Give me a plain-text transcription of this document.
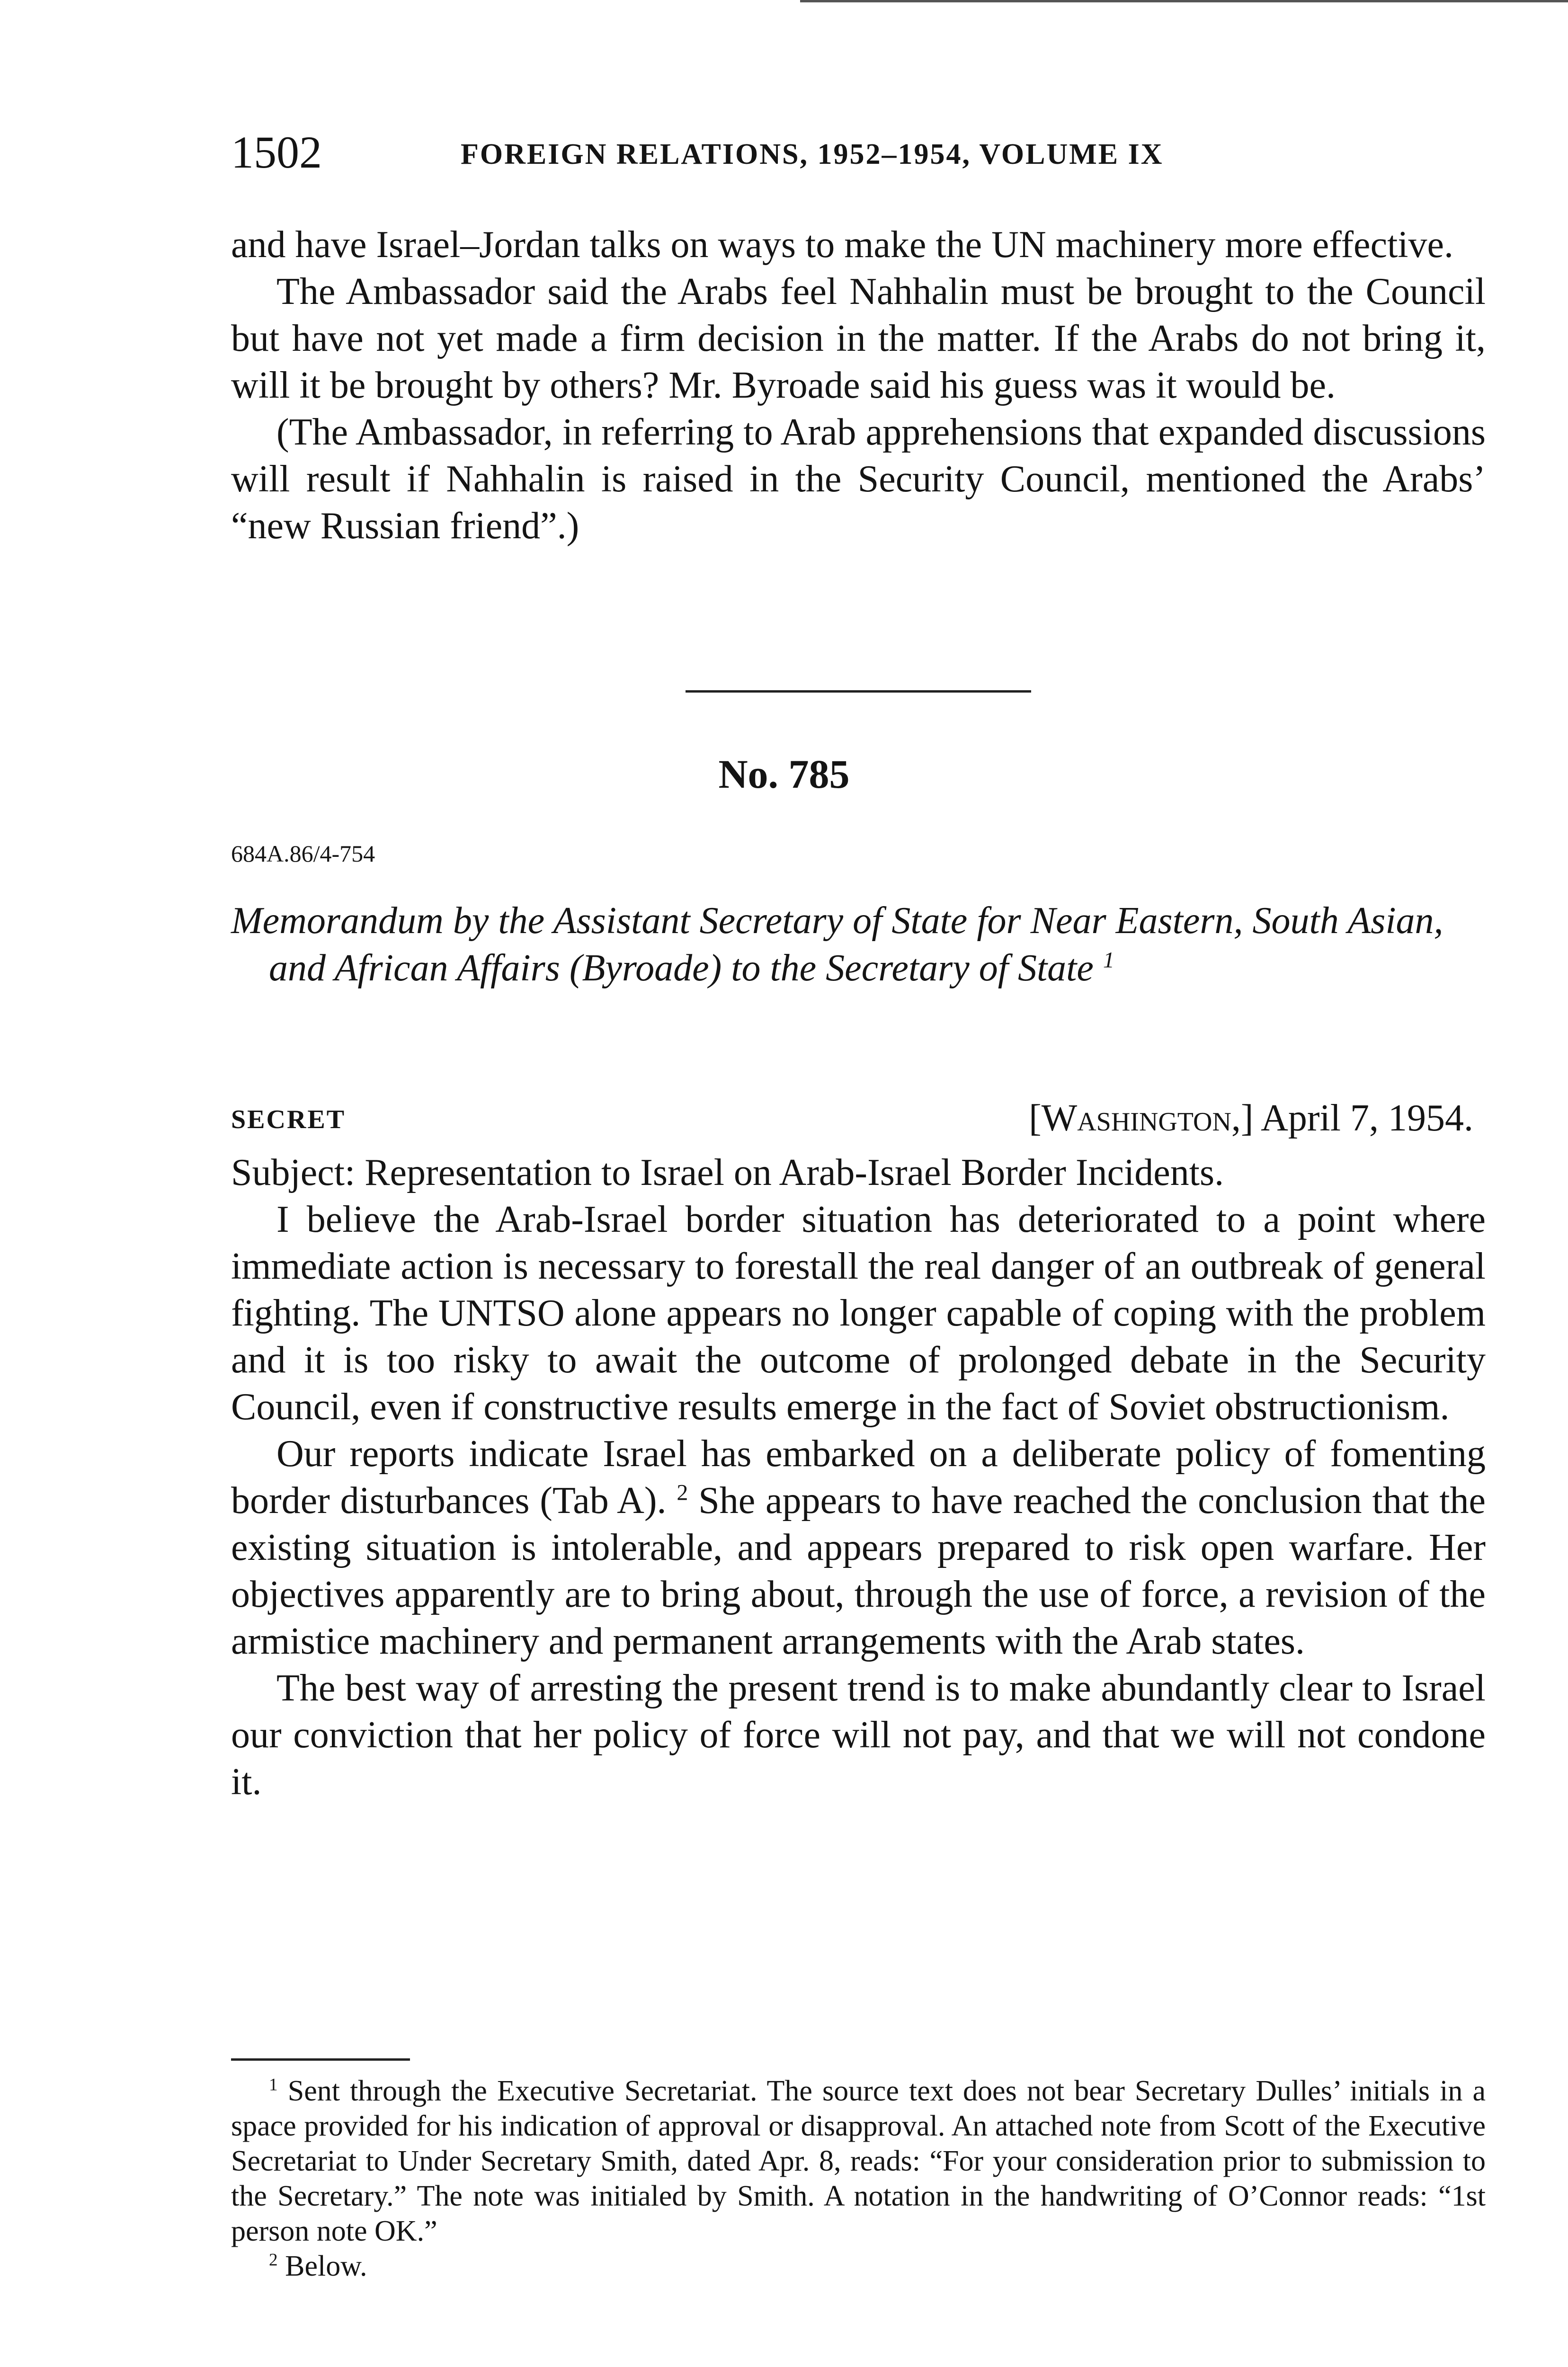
1502	FOREIGN RELATIONS, 1952–1954, VOLUME IX

and have Israel–Jordan talks on ways to make the UN machinery more effective.

The Ambassador said the Arabs feel Nahhalin must be brought to the Council but have not yet made a firm decision in the matter. If the Arabs do not bring it, will it be brought by others? Mr. Byroade said his guess was it would be.

(The Ambassador, in referring to Arab apprehensions that expanded discussions will result if Nahhalin is raised in the Security Council, mentioned the Arabs’ “new Russian friend”.)

No. 785
684A.86/4-754
Memorandum by the Assistant Secretary of State for Near Eastern, South Asian, and African Affairs (Byroade) to the Secretary of State $^1$
SECRET	[Washington,] April 7, 1954.

Subject: Representation to Israel on Arab-Israel Border Incidents.

I believe the Arab-Israel border situation has deteriorated to a point where immediate action is necessary to forestall the real danger of an outbreak of general fighting. The UNTSO alone appears no longer capable of coping with the problem and it is too risky to await the outcome of prolonged debate in the Security Council, even if constructive results emerge in the fact of Soviet obstructionism.

Our reports indicate Israel has embarked on a deliberate policy of fomenting border disturbances (Tab A). $^2$ She appears to have reached the conclusion that the existing situation is intolerable, and appears prepared to risk open warfare. Her objectives apparently are to bring about, through the use of force, a revision of the armistice machinery and permanent arrangements with the Arab states.

The best way of arresting the present trend is to make abundantly clear to Israel our conviction that her policy of force will not pay, and that we will not condone it.

$^1$ Sent through the Executive Secretariat. The source text does not bear Secretary Dulles’ initials in a space provided for his indication of approval or disapproval. An attached note from Scott of the Executive Secretariat to Under Secretary Smith, dated Apr. 8, reads: “For your consideration prior to submission to the Secretary.” The note was initialed by Smith. A notation in the handwriting of O’Connor reads: “1st person note OK.”

$^2$ Below.
